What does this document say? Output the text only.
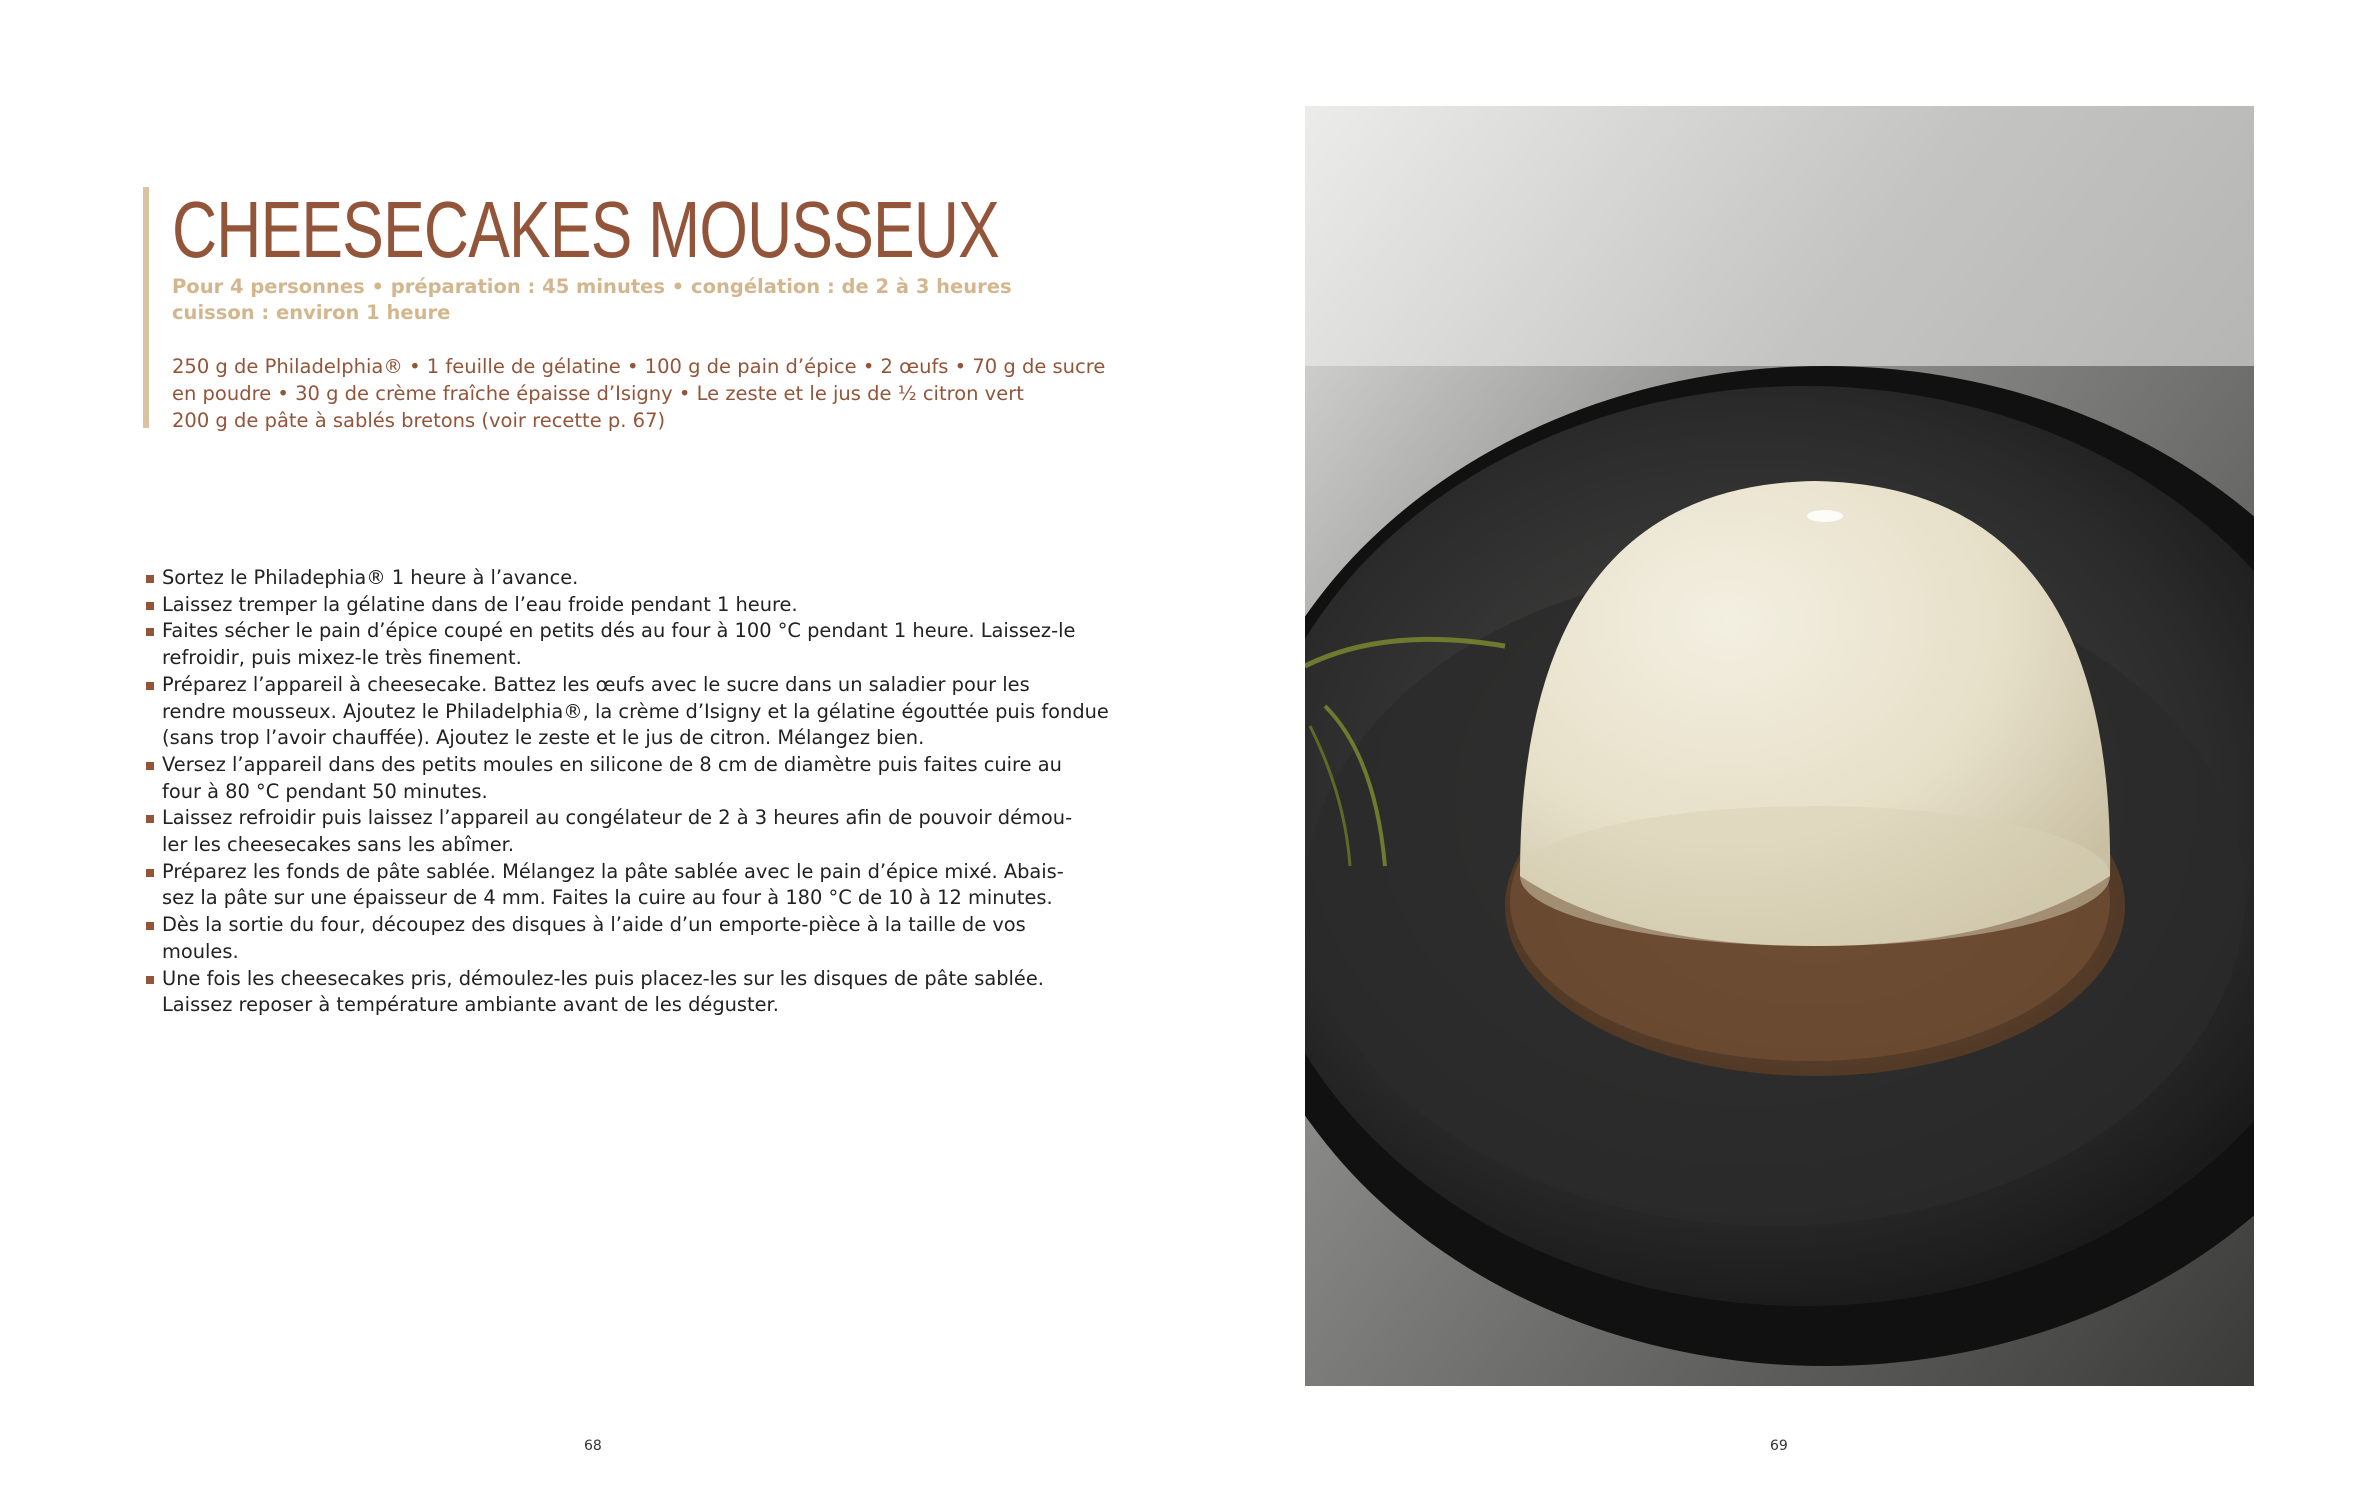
CHEESECAKES MOUSSEUX

Pour 4 personnes • préparation : 45 minutes • congélation : de 2 à 3 heures
cuisson : environ 1 heure

250 g de Philadelphia® • 1 feuille de gélatine • 100 g de pain d’épice • 2 œufs • 70 g de sucre
en poudre • 30 g de crème fraîche épaisse d’Isigny • Le zeste et le jus de ½ citron vert
200 g de pâte à sablés bretons (voir recette p. 67)

Sortez le Philadephia® 1 heure à l’avance.
Laissez tremper la gélatine dans de l’eau froide pendant 1 heure.
Faites sécher le pain d’épice coupé en petits dés au four à 100 °C pendant 1 heure. Laissez-le
refroidir, puis mixez-le très finement.
Préparez l’appareil à cheesecake. Battez les œufs avec le sucre dans un saladier pour les
rendre mousseux. Ajoutez le Philadelphia®, la crème d’Isigny et la gélatine égouttée puis fondue
(sans trop l’avoir chauffée). Ajoutez le zeste et le jus de citron. Mélangez bien.
Versez l’appareil dans des petits moules en silicone de 8 cm de diamètre puis faites cuire au
four à 80 °C pendant 50 minutes.
Laissez refroidir puis laissez l’appareil au congélateur de 2 à 3 heures afin de pouvoir démou-
ler les cheesecakes sans les abîmer.
Préparez les fonds de pâte sablée. Mélangez la pâte sablée avec le pain d’épice mixé. Abais-
sez la pâte sur une épaisseur de 4 mm. Faites la cuire au four à 180 °C de 10 à 12 minutes.
Dès la sortie du four, découpez des disques à l’aide d’un emporte-pièce à la taille de vos
moules.
Une fois les cheesecakes pris, démoulez-les puis placez-les sur les disques de pâte sablée.
Laissez reposer à température ambiante avant de les déguster.
68	69
